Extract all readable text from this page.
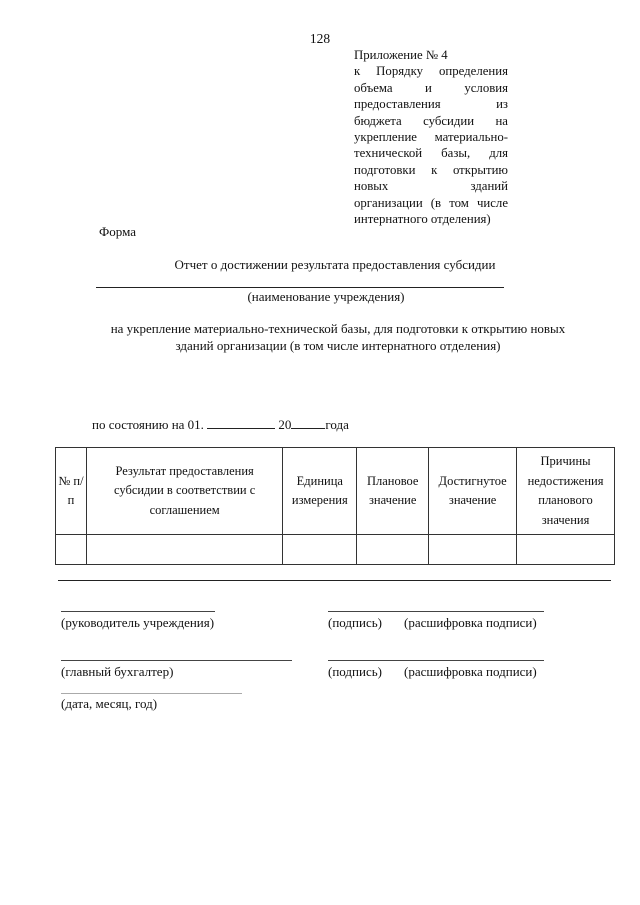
128
Приложение № 4
к Порядку определения
объема и условия
предоставления из
бюджета субсидии на
укрепление материально-
технической базы, для
подготовки к открытию
новых зданий
организации (в том числе
интернатного отделения)
Форма
Отчет о достижении результата предоставления субсидии
(наименование учреждения)
на укрепление материально-технической базы, для подготовки к открытию новых
зданий организации (в том числе интернатного отделения)
по состоянию на 01.	20	года
№ п/п	Результат предоставления субсидии в соответствии с соглашением	Единица измерения	Плановое значение	Достигнутое значение	Причины недостижения планового значения

(руководитель учреждения)	(подпись) (расшифровка подписи)
(главный бухгалтер)	(подпись) (расшифровка подписи)
(дата, месяц, год)
